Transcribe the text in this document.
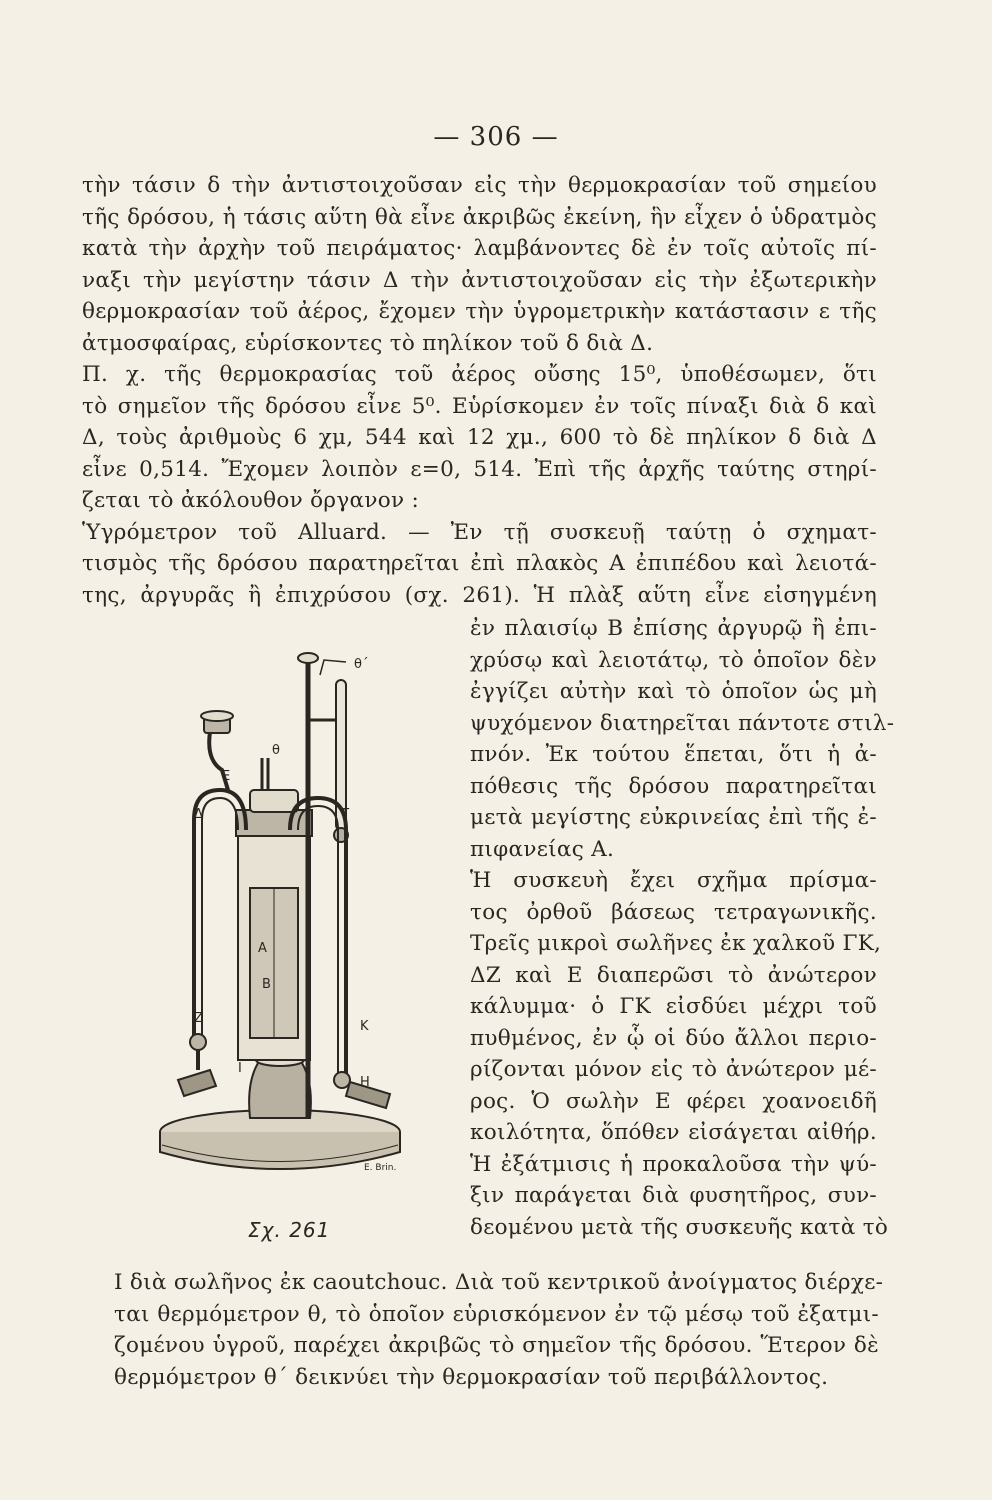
— 306 —
τὴν τάσιν δ τὴν ἀντιστοιχοῦσαν εἰς τὴν θερμοκρασίαν τοῦ σημείου
τῆς δρόσου, ἡ τάσις αὕτη θὰ εἶνε ἀκριβῶς ἐκείνη, ἣν εἶχεν ὁ ὑδρατμὸς
κατὰ τὴν ἀρχὴν τοῦ πειράματος· λαμβάνοντες δὲ ἐν τοῖς αὐτοῖς πί-
ναξι τὴν μεγίστην τάσιν Δ τὴν ἀντιστοιχοῦσαν εἰς τὴν ἐξωτερικὴν
θερμοκρασίαν τοῦ ἀέρος, ἔχομεν τὴν ὑγρομετρικὴν κατάστασιν ε τῆς
ἀτμοσφαίρας, εὑρίσκοντες τὸ πηλίκον τοῦ δ διὰ Δ.
Π. χ. τῆς θερμοκρασίας τοῦ ἀέρος οὔσης 15⁰, ὑποθέσωμεν, ὅτι
τὸ σημεῖον τῆς δρόσου εἶνε 5⁰. Εὑρίσκομεν ἐν τοῖς πίναξι διὰ δ καὶ
Δ, τοὺς ἀριθμοὺς 6 χμ, 544 καὶ 12 χμ., 600 τὸ δὲ πηλίκον δ διὰ Δ
εἶνε 0,514. Ἔχομεν λοιπὸν ε=0, 514. Ἐπὶ τῆς ἀρχῆς ταύτης στηρί-
ζεται τὸ ἀκόλουθον ὄργανον :
Ὑγρόμετρον τοῦ Alluard. — Ἐν τῇ συσκευῇ ταύτῃ ὁ σχηματ-
τισμὸς τῆς δρόσου παρατηρεῖται ἐπὶ πλακὸς Α ἐπιπέδου καὶ λειοτά-
της, ἀργυρᾶς ἢ ἐπιχρύσου (σχ. 261). Ἡ πλὰξ αὕτη εἶνε εἰσηγμένη
θ΄
θ
E
Δ	Γ
A
B
Z
K
I
H
E. Brin.
Σχ. 261
ἐν πλαισίῳ Β ἐπίσης ἀργυρῷ ἢ ἐπι-
χρύσῳ καὶ λειοτάτῳ, τὸ ὁποῖον δὲν
ἐγγίζει αὐτὴν καὶ τὸ ὁποῖον ὡς μὴ
ψυχόμενον διατηρεῖται πάντοτε στιλ-
πνόν. Ἐκ τούτου ἕπεται, ὅτι ἡ ἀ-
πόθεσις τῆς δρόσου παρατηρεῖται
μετὰ μεγίστης εὐκρινείας ἐπὶ τῆς ἐ-
πιφανείας Α.
Ἡ συσκευὴ ἔχει σχῆμα πρίσμα-
τος ὀρθοῦ βάσεως τετραγωνικῆς.
Τρεῖς μικροὶ σωλῆνες ἐκ χαλκοῦ ΓΚ,
ΔΖ καὶ Ε διαπερῶσι τὸ ἀνώτερον
κάλυμμα· ὁ ΓΚ εἰσδύει μέχρι τοῦ
πυθμένος, ἐν ᾧ οἱ δύο ἄλλοι περιο-
ρίζονται μόνον εἰς τὸ ἀνώτερον μέ-
ρος. Ὁ σωλὴν Ε φέρει χοανοειδῆ
κοιλότητα, ὅπόθεν εἰσάγεται αἰθήρ.
Ἡ ἐξάτμισις ἡ προκαλοῦσα τὴν ψύ-
ξιν παράγεται διὰ φυσητῆρος, συν-
δεομένου μετὰ τῆς συσκευῆς κατὰ τὸ
Ι διὰ σωλῆνος ἐκ caoutchouc. Διὰ τοῦ κεντρικοῦ ἀνοίγματος διέρχε-
ται θερμόμετρον θ, τὸ ὁποῖον εὑρισκόμενον ἐν τῷ μέσῳ τοῦ ἐξατμι-
ζομένου ὑγροῦ, παρέχει ἀκριβῶς τὸ σημεῖον τῆς δρόσου. Ἕτερον δὲ
θερμόμετρον θ΄ δεικνύει τὴν θερμοκρασίαν τοῦ περιβάλλοντος.
